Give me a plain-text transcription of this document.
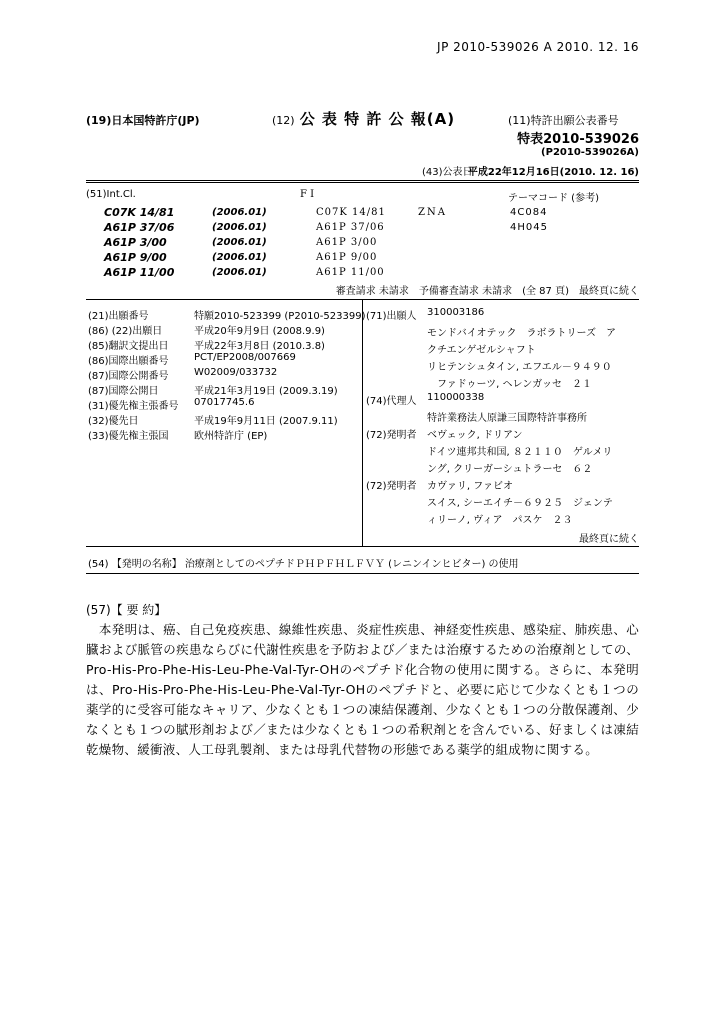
JP 2010-539026 A 2010. 12. 16
(19)日本国特許庁(JP)	(12) 公 表 特 許 公 報(A)	(11)特許出願公表番号
特表2010-539026
(P2010-539026A)
(43)公表日
平成22年12月16日(2010. 12. 16)
(51)Int.Cl.	F I	テーマコード (参考)
C07K 14/81	(2006.01)	C07K 14/81	ZNA	4C084
A61P 37/06	(2006.01)	A61P 37/06	4H045
A61P 3/00	(2006.01)	A61P 3/00
A61P 9/00	(2006.01)	A61P 9/00
A61P 11/00	(2006.01)	A61P 11/00
審査請求 未請求　予備審査請求 未請求　(全 87 頁)　最終頁に続く
(21)出願番号	特願2010-523399 (P2010-523399)
(86) (22)出願日	平成20年9月9日 (2008.9.9)
(85)翻訳文提出日	平成22年3月8日 (2010.3.8)
(86)国際出願番号	PCT/EP2008/007669
(87)国際公開番号	W02009/033732
(87)国際公開日	平成21年3月19日 (2009.3.19)
(31)優先権主張番号 07017745.6
(32)優先日	平成19年9月11日 (2007.9.11)
(33)優先権主張国	欧州特許庁 (EP)
(71)出願人 310003186
モンドバイオテック　ラボラトリーズ　ア
クチエンゲゼルシャフト
リヒテンシュタイン, エフエル－９４９０
　ファドゥーツ, ヘレンガッセ　２１
(74)代理人 110000338
特許業務法人原謙三国際特許事務所
(72)発明者 ベヴェック, ドリアン
ドイツ連邦共和国, ８２１１０　ゲルメリ
ング, クリーガーシュトラーセ　６２
(72)発明者 カヴァリ, ファビオ
スイス, シーエイチ－６９２５　ジェンテ
ィリーノ, ヴィア　パスケ　２３
最終頁に続く
(54) 【発明の名称】 治療剤としてのペプチドＰＨＰＦＨＬＦＶＹ (レニンインヒビター) の使用
(57)【 要 約】
　本発明は、癌、自己免疫疾患、線維性疾患、炎症性疾患、神経変性疾患、感染症、肺疾患、心臓および脈管の疾患ならびに代謝性疾患を予防および／または治療するための治療剤としての、Pro-His-Pro-Phe-His-Leu-Phe-Val-Tyr-OHのペプチド化合物の使用に関する。さらに、本発明は、Pro-His-Pro-Phe-His-Leu-Phe-Val-Tyr-OHのペプチドと、必要に応じて少なくとも１つの薬学的に受容可能なキャリア、少なくとも１つの凍結保護剤、少なくとも１つの分散保護剤、少なくとも１つの賦形剤および／または少なくとも１つの希釈剤とを含んでいる、好ましくは凍結乾燥物、緩衝液、人工母乳製剤、または母乳代替物の形態である薬学的組成物に関する。
